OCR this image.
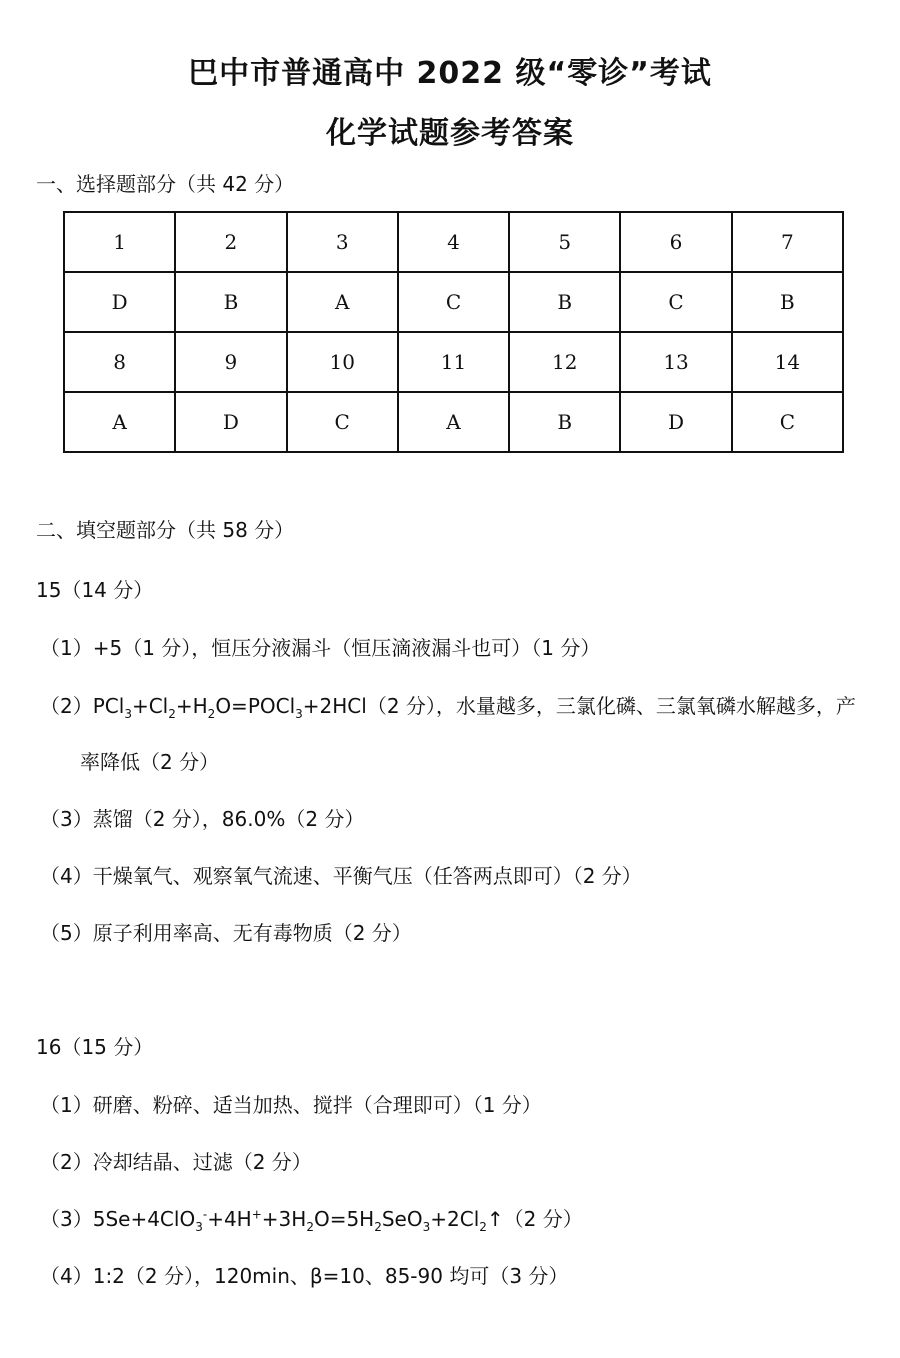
巴中市普通高中 2022 级“零诊”考试
化学试题参考答案
一、选择题部分（共 42 分）
1	2	3	4	5	6	7
D	B	A	C	B	C	B
8	9	10	11	12	13	14
A	D	C	A	B	D	C
二、填空题部分（共 58 分）
15（14 分）
（1）+5（1 分），恒压分液漏斗（恒压滴液漏斗也可）（1 分）
$(2)PCl_3+Cl_2+H_2O=POCl_3+2HCl(2$ 分），水量越多，三氯化磷、三氯氧磷水解越多，产
率降低（2 分）
（3）蒸馏（2 分），86.0%（2 分）
（4）干燥氧气、观察氧气流速、平衡气压（任答两点即可）（2 分）
（5）原子利用率高、无有毒物质（2 分）
16（15 分）
（1）研磨、粉碎、适当加热、搅拌（合理即可）（1 分）
（2）冷却结晶、过滤（2 分）
$(3)5Se+4ClO_3^-+4H^++3H_2O=5H_2SeO_3+2Cl_2↑(2$ 分）
（4）1:2（2 分），120min、β=10、85-90 均可（3 分）
